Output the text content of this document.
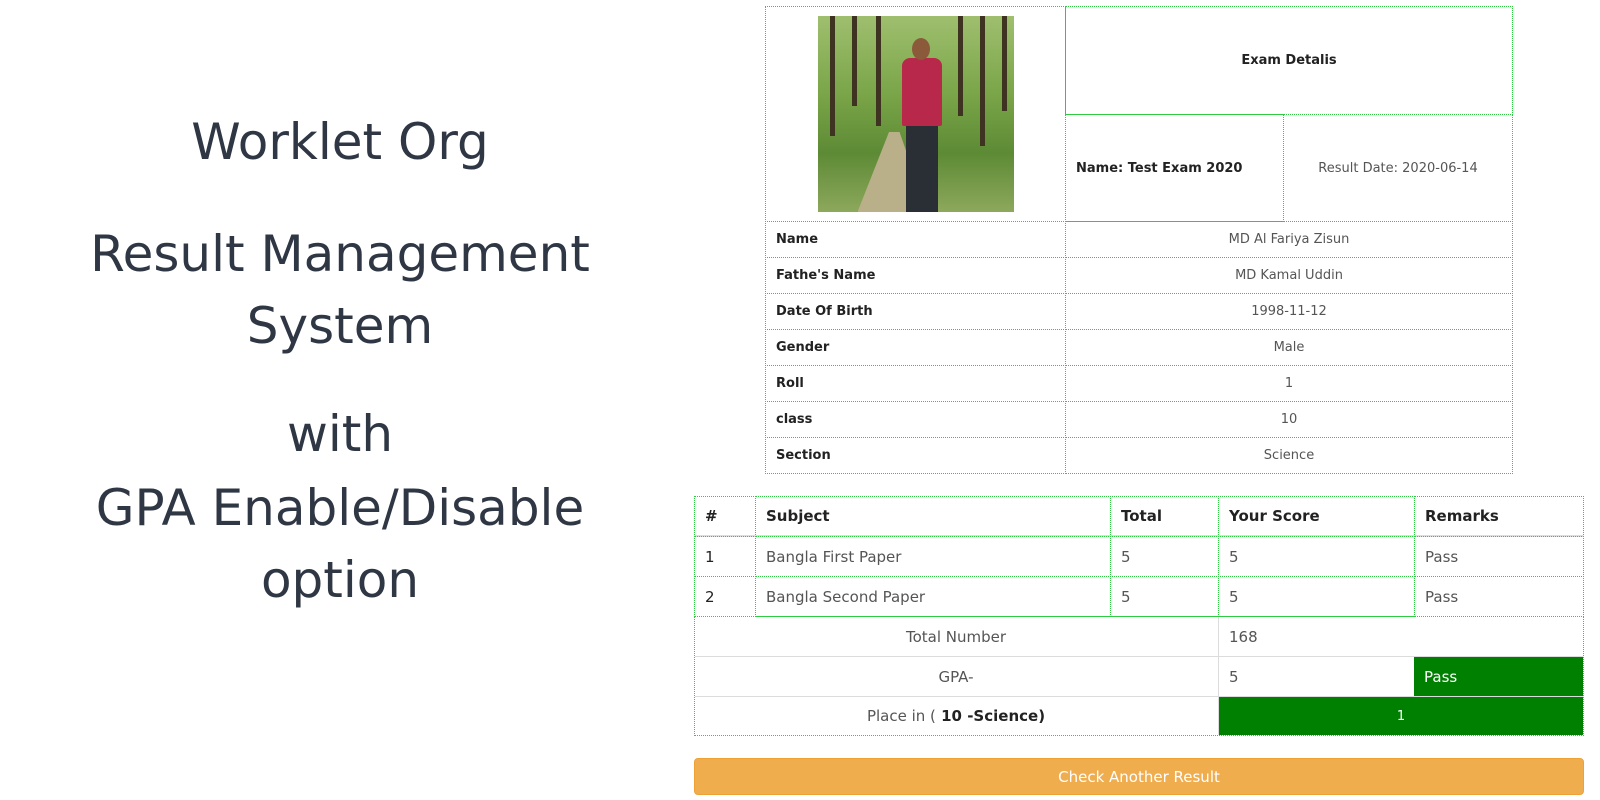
Worklet Org
Result Management
System
with
GPA Enable/Disable
option
Exam Detalis
Name: Test Exam 2020	Result Date: 2020-06-14
Name	MD Al Fariya Zisun
Fathe's Name	MD Kamal Uddin
Date Of Birth	1998-11-12
Gender	Male
Roll	1
class	10
Section	Science
#	Subject	Total	Your Score	Remarks
1	Bangla First Paper	5	5	Pass
2	Bangla Second Paper	5	5	Pass
Total Number	168
GPA-	5	Pass
Place in ( 10 -Science)	1
Check Another Result
